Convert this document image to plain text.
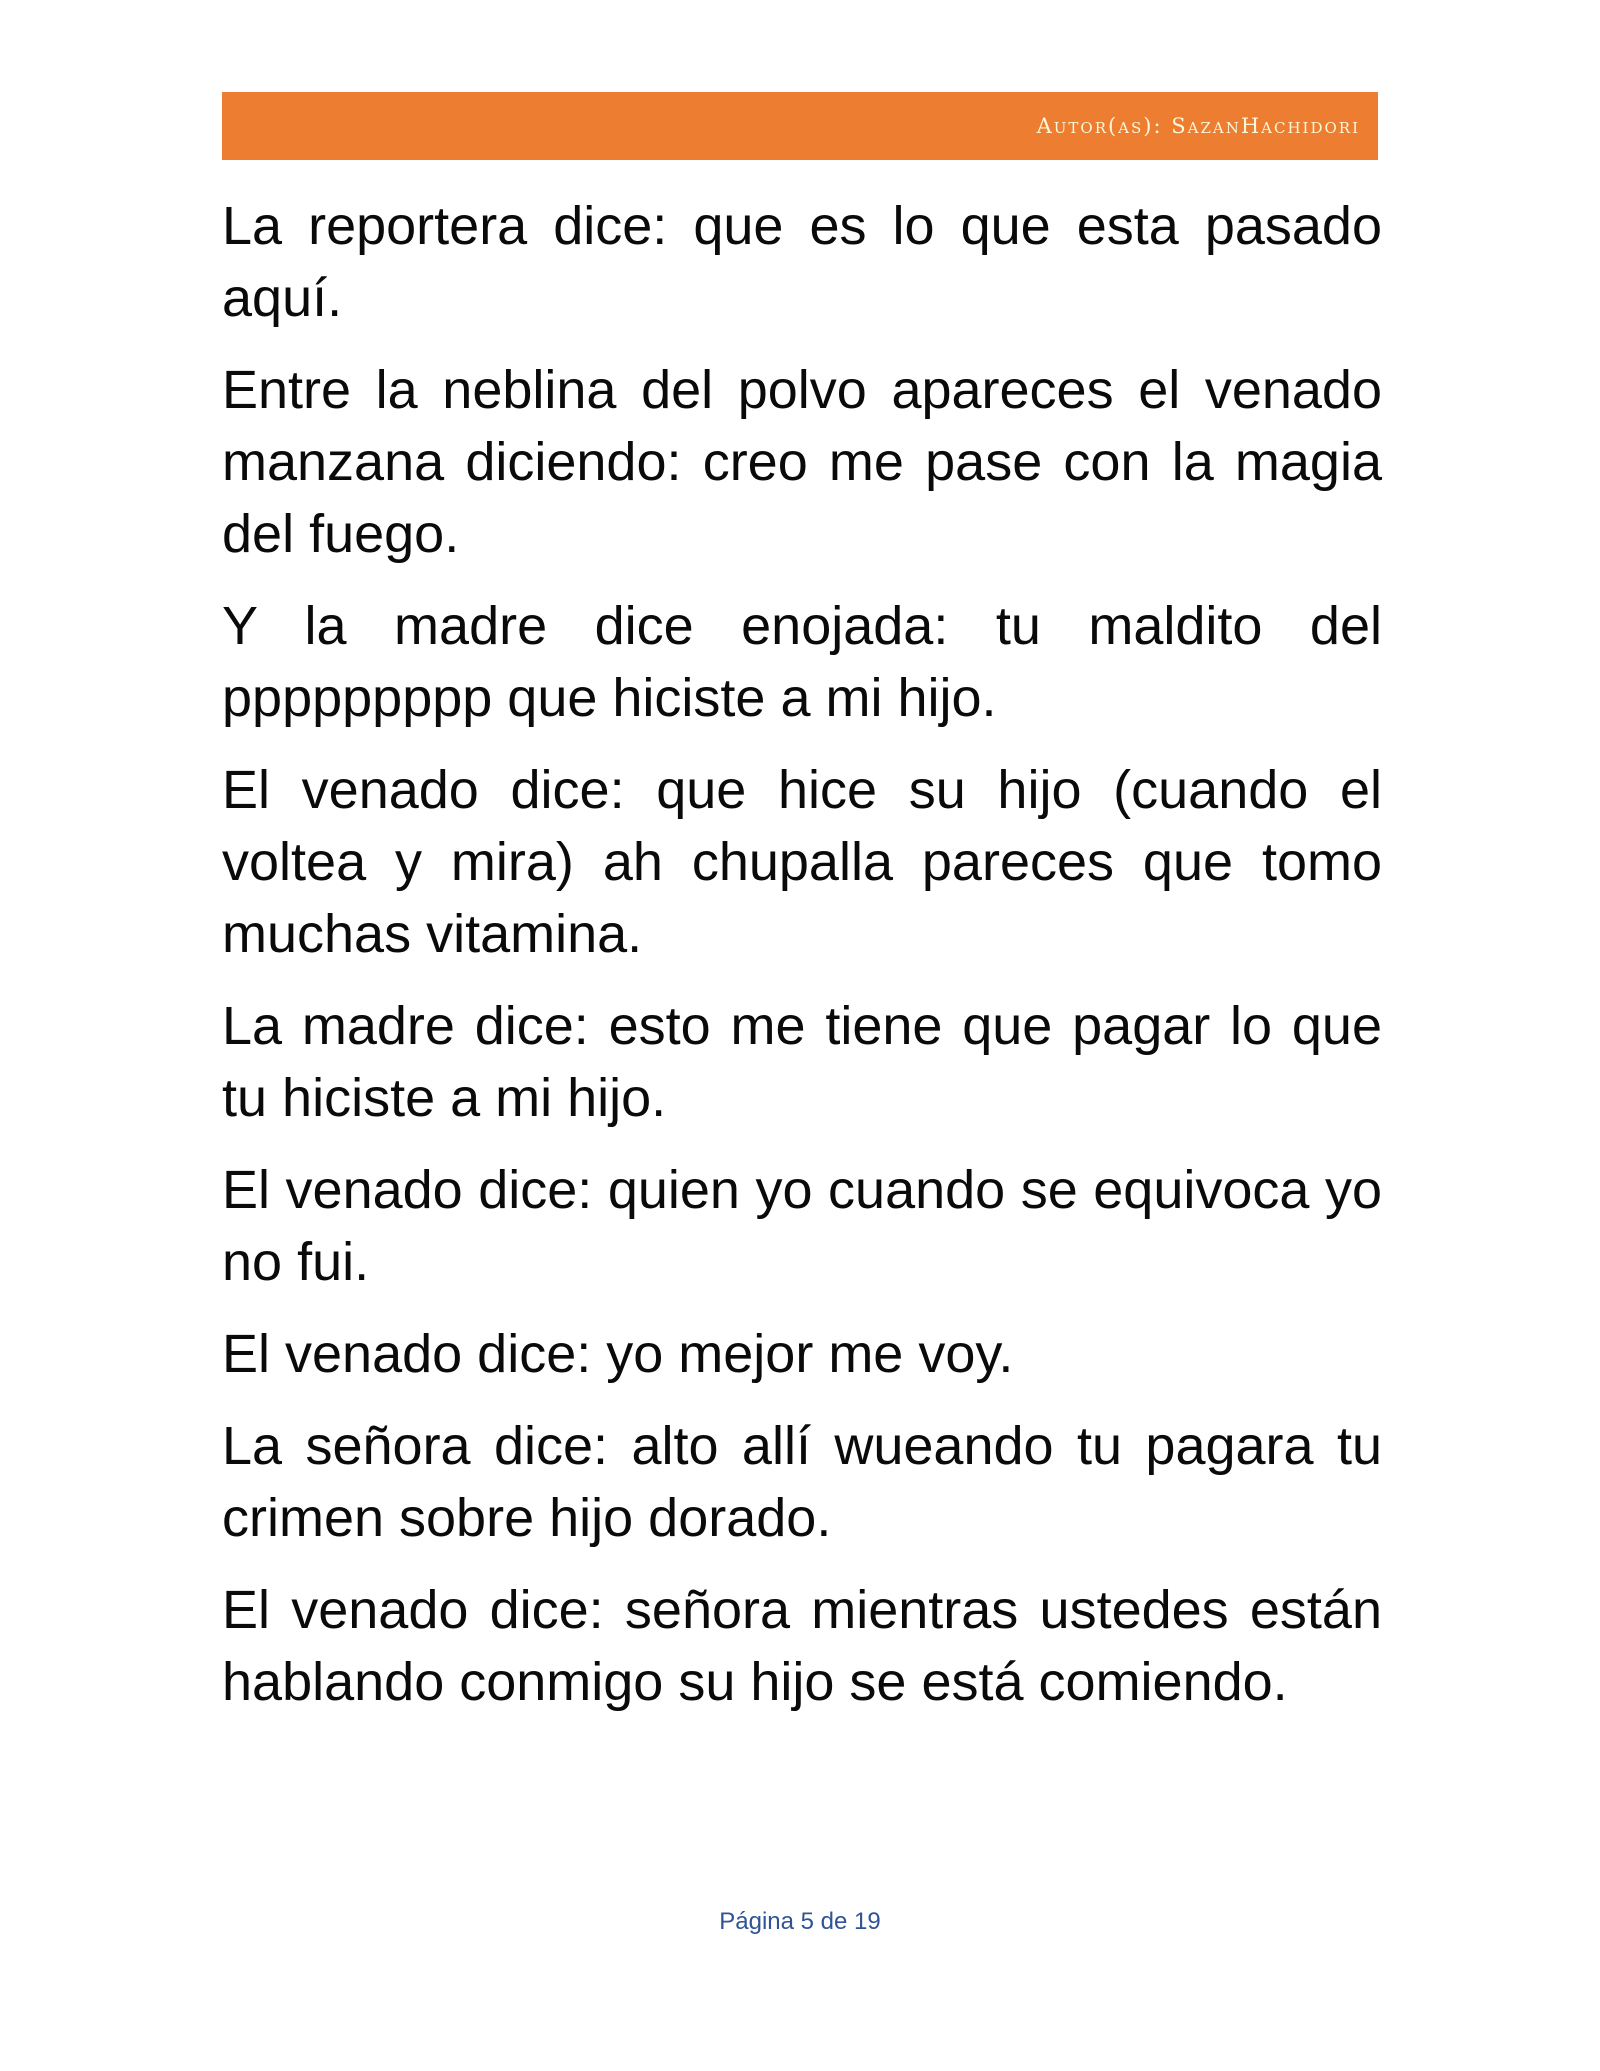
Autor(as): SazanHachidori

La reportera dice: que es lo que esta pasado aquí.

Entre la neblina del polvo apareces el venado manzana diciendo: creo me pase con la magia del fuego.

Y la madre dice enojada: tu maldito del ppppppppp que hiciste a mi hijo.

El venado dice: que hice su hijo (cuando el voltea y mira) ah chupalla pareces que tomo muchas vitamina.

La madre dice: esto me tiene que pagar lo que tu hiciste a mi hijo.

El venado dice: quien yo cuando se equivoca yo no fui.

El venado dice: yo mejor me voy.

La señora dice: alto allí wueando tu pagara tu crimen sobre hijo dorado.

El venado dice: señora mientras ustedes están hablando conmigo su hijo se está comiendo.

Página 5 de 19
